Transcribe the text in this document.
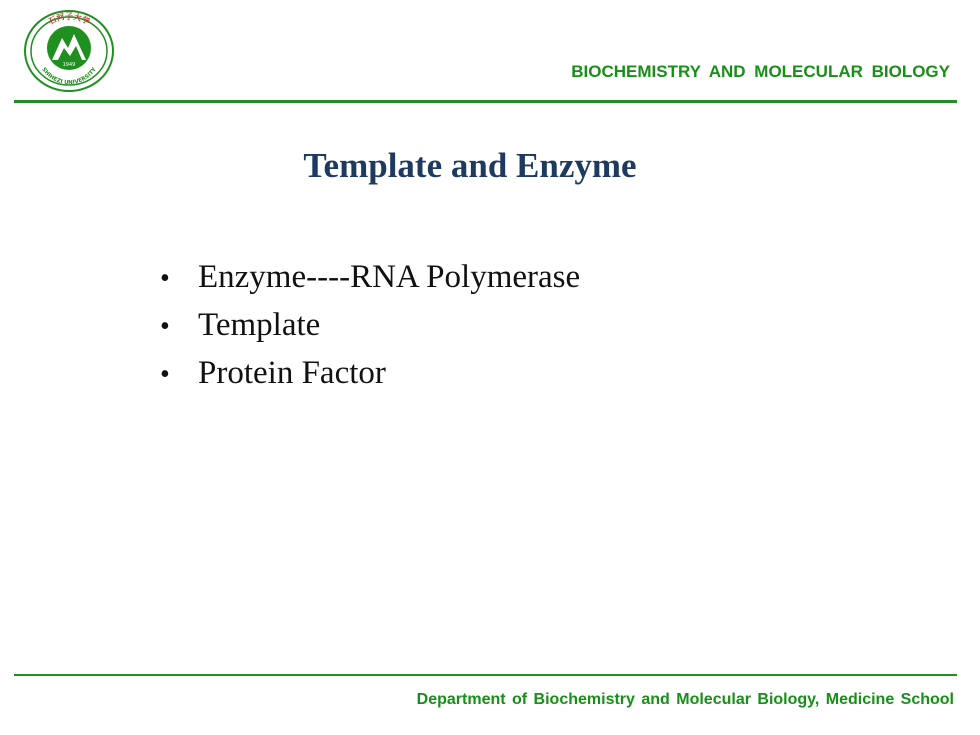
1949
石河子大学
SHIHEZI UNIVERSITY	BIOCHEMISTRY AND MOLECULAR BIOLOGY
Template and Enzyme
• Enzyme----RNA Polymerase
• Template
• Protein Factor
Department of Biochemistry and Molecular Biology, Medicine School
